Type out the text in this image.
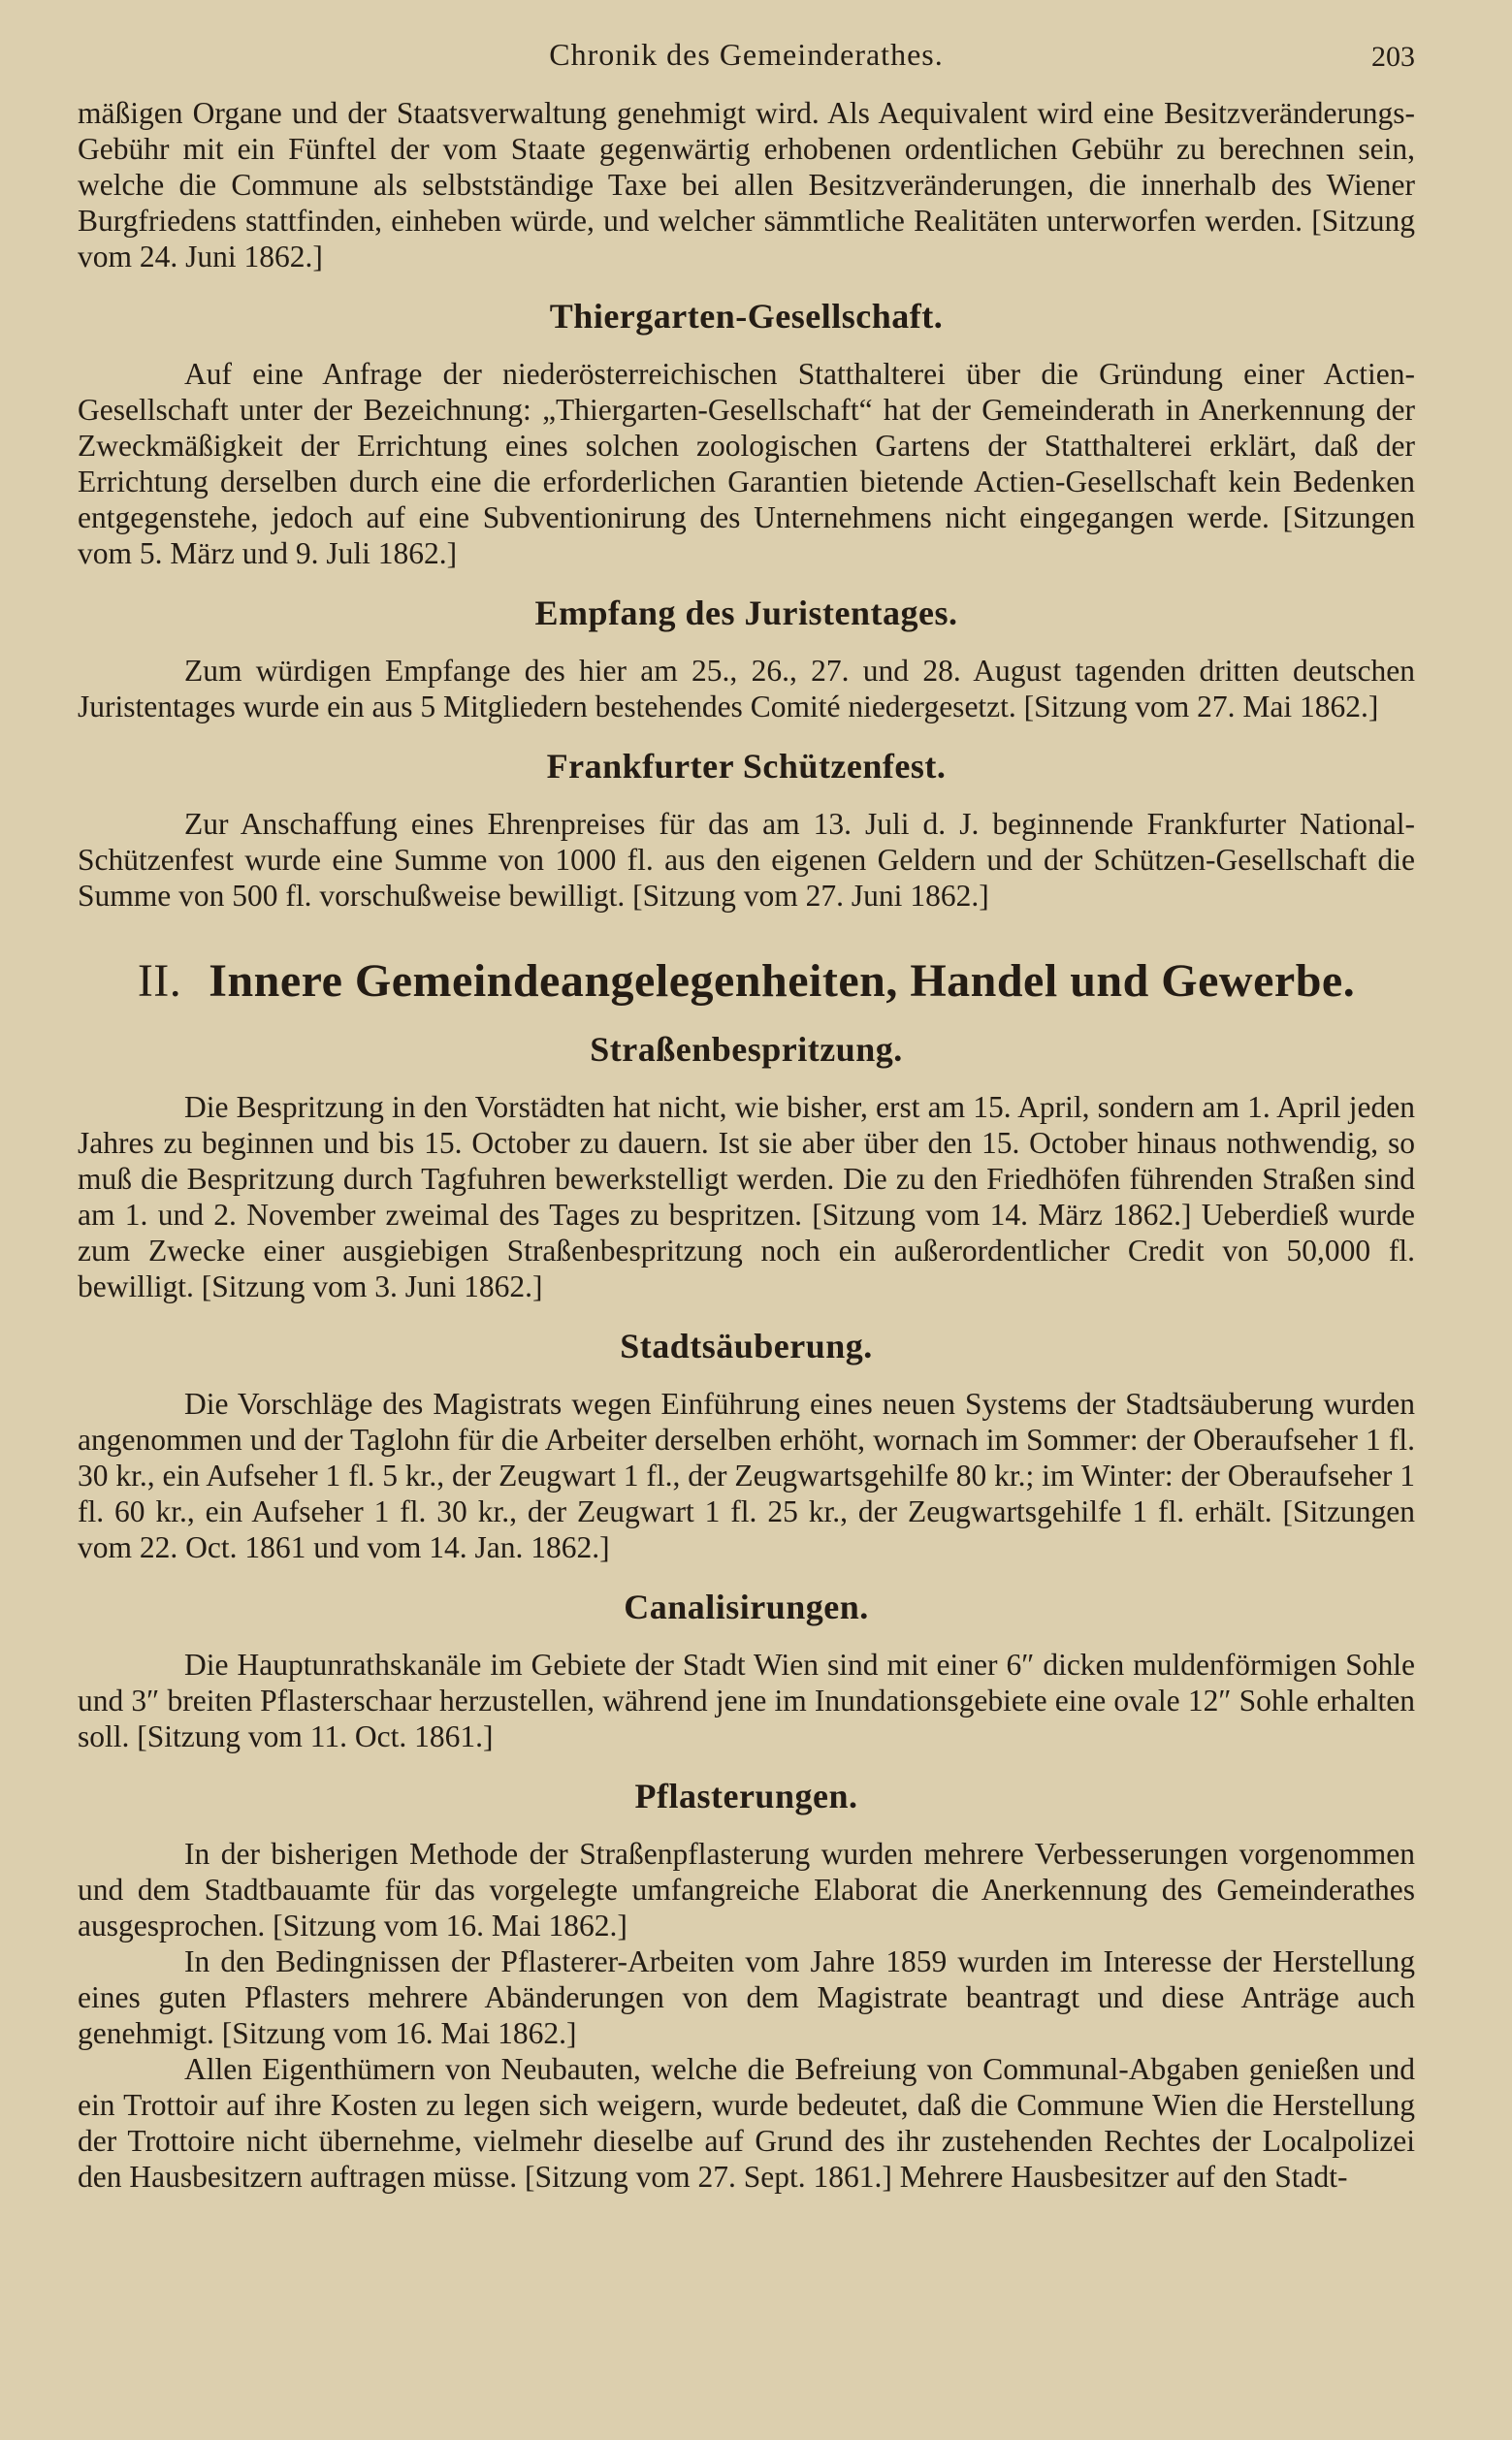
Chronik des Gemeinderathes.	203

mäßigen Organe und der Staatsverwaltung genehmigt wird. Als Aequivalent wird eine Besitzveränderungs-Gebühr mit ein Fünftel der vom Staate gegenwärtig erhobenen ordentlichen Gebühr zu berechnen sein, welche die Commune als selbstständige Taxe bei allen Besitzveränderungen, die innerhalb des Wiener Burgfriedens stattfinden, einheben würde, und welcher sämmtliche Realitäten unterworfen werden. [Sitzung vom 24. Juni 1862.]

Thiergarten-Gesellschaft.

Auf eine Anfrage der niederösterreichischen Statthalterei über die Gründung einer Actien-Gesellschaft unter der Bezeichnung: „Thiergarten-Gesellschaft“ hat der Gemeinderath in Anerkennung der Zweckmäßigkeit der Errichtung eines solchen zoologischen Gartens der Statthalterei erklärt, daß der Errichtung derselben durch eine die erforderlichen Garantien bietende Actien-Gesellschaft kein Bedenken entgegenstehe, jedoch auf eine Subventionirung des Unternehmens nicht eingegangen werde. [Sitzungen vom 5. März und 9. Juli 1862.]

Empfang des Juristentages.

Zum würdigen Empfange des hier am 25., 26., 27. und 28. August tagenden dritten deutschen Juristentages wurde ein aus 5 Mitgliedern bestehendes Comité niedergesetzt. [Sitzung vom 27. Mai 1862.]

Frankfurter Schützenfest.

Zur Anschaffung eines Ehrenpreises für das am 13. Juli d. J. beginnende Frankfurter National-Schützenfest wurde eine Summe von 1000 fl. aus den eigenen Geldern und der Schützen-Gesellschaft die Summe von 500 fl. vorschußweise bewilligt. [Sitzung vom 27. Juni 1862.]

II. Innere Gemeindeangelegenheiten, Handel und Gewerbe.
Straßenbespritzung.

Die Bespritzung in den Vorstädten hat nicht, wie bisher, erst am 15. April, sondern am 1. April jeden Jahres zu beginnen und bis 15. October zu dauern. Ist sie aber über den 15. October hinaus nothwendig, so muß die Bespritzung durch Tagfuhren bewerkstelligt werden. Die zu den Friedhöfen führenden Straßen sind am 1. und 2. November zweimal des Tages zu bespritzen. [Sitzung vom 14. März 1862.] Ueberdieß wurde zum Zwecke einer ausgiebigen Straßenbespritzung noch ein außerordentlicher Credit von 50,000 fl. bewilligt. [Sitzung vom 3. Juni 1862.]

Stadtsäuberung.

Die Vorschläge des Magistrats wegen Einführung eines neuen Systems der Stadtsäuberung wurden angenommen und der Taglohn für die Arbeiter derselben erhöht, wornach im Sommer: der Oberaufseher 1 fl. 30 kr., ein Aufseher 1 fl. 5 kr., der Zeugwart 1 fl., der Zeugwartsgehilfe 80 kr.; im Winter: der Oberaufseher 1 fl. 60 kr., ein Aufseher 1 fl. 30 kr., der Zeugwart 1 fl. 25 kr., der Zeugwartsgehilfe 1 fl. erhält. [Sitzungen vom 22. Oct. 1861 und vom 14. Jan. 1862.]

Canalisirungen.

Die Hauptunrathskanäle im Gebiete der Stadt Wien sind mit einer 6″ dicken muldenförmigen Sohle und 3″ breiten Pflasterschaar herzustellen, während jene im Inundationsgebiete eine ovale 12″ Sohle erhalten soll. [Sitzung vom 11. Oct. 1861.]

Pflasterungen.

In der bisherigen Methode der Straßenpflasterung wurden mehrere Verbesserungen vorgenommen und dem Stadtbauamte für das vorgelegte umfangreiche Elaborat die Anerkennung des Gemeinderathes ausgesprochen. [Sitzung vom 16. Mai 1862.]

In den Bedingnissen der Pflasterer-Arbeiten vom Jahre 1859 wurden im Interesse der Herstellung eines guten Pflasters mehrere Abänderungen von dem Magistrate beantragt und diese Anträge auch genehmigt. [Sitzung vom 16. Mai 1862.]

Allen Eigenthümern von Neubauten, welche die Befreiung von Communal-Abgaben genießen und ein Trottoir auf ihre Kosten zu legen sich weigern, wurde bedeutet, daß die Commune Wien die Herstellung der Trottoire nicht übernehme, vielmehr dieselbe auf Grund des ihr zustehenden Rechtes der Localpolizei den Hausbesitzern auftragen müsse. [Sitzung vom 27. Sept. 1861.] Mehrere Hausbesitzer auf den Stadt-
